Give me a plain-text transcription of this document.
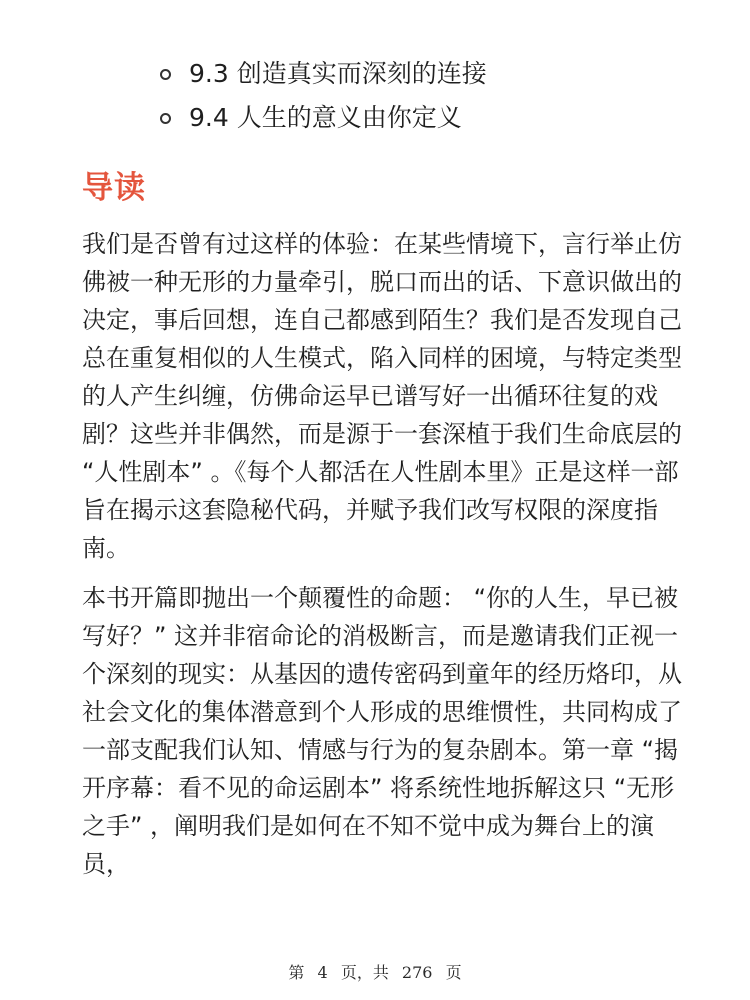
9.3 创造真实而深刻的连接
9.4 人生的意义由你定义
导读

我们是否曾有过这样的体验：在某些情境下，言行举止仿佛被一种无形的力量牵引，脱口而出的话、下意识做出的决定，事后回想，连自己都感到陌生？我们是否发现自己总在重复相似的人生模式，陷入同样的困境，与特定类型的人产生纠缠，仿佛命运早已谱写好一出循环往复的戏剧？这些并非偶然，而是源于一套深植于我们生命底层的 “人性剧本” 。《每个人都活在人性剧本里》正是这样一部旨在揭示这套隐秘代码，并赋予我们改写权限的深度指南。

本书开篇即抛出一个颠覆性的命题： “你的人生，早已被写好？” 这并非宿命论的消极断言，而是邀请我们正视一个深刻的现实：从基因的遗传密码到童年的经历烙印，从社会文化的集体潜意到个人形成的思维惯性，共同构成了一部支配我们认知、情感与行为的复杂剧本。第一章 “揭开序幕：看不见的命运剧本” 将系统性地拆解这只 “无形之手” ，阐明我们是如何在不知不觉中成为舞台上的演员，

第 4 页，共 276 页
